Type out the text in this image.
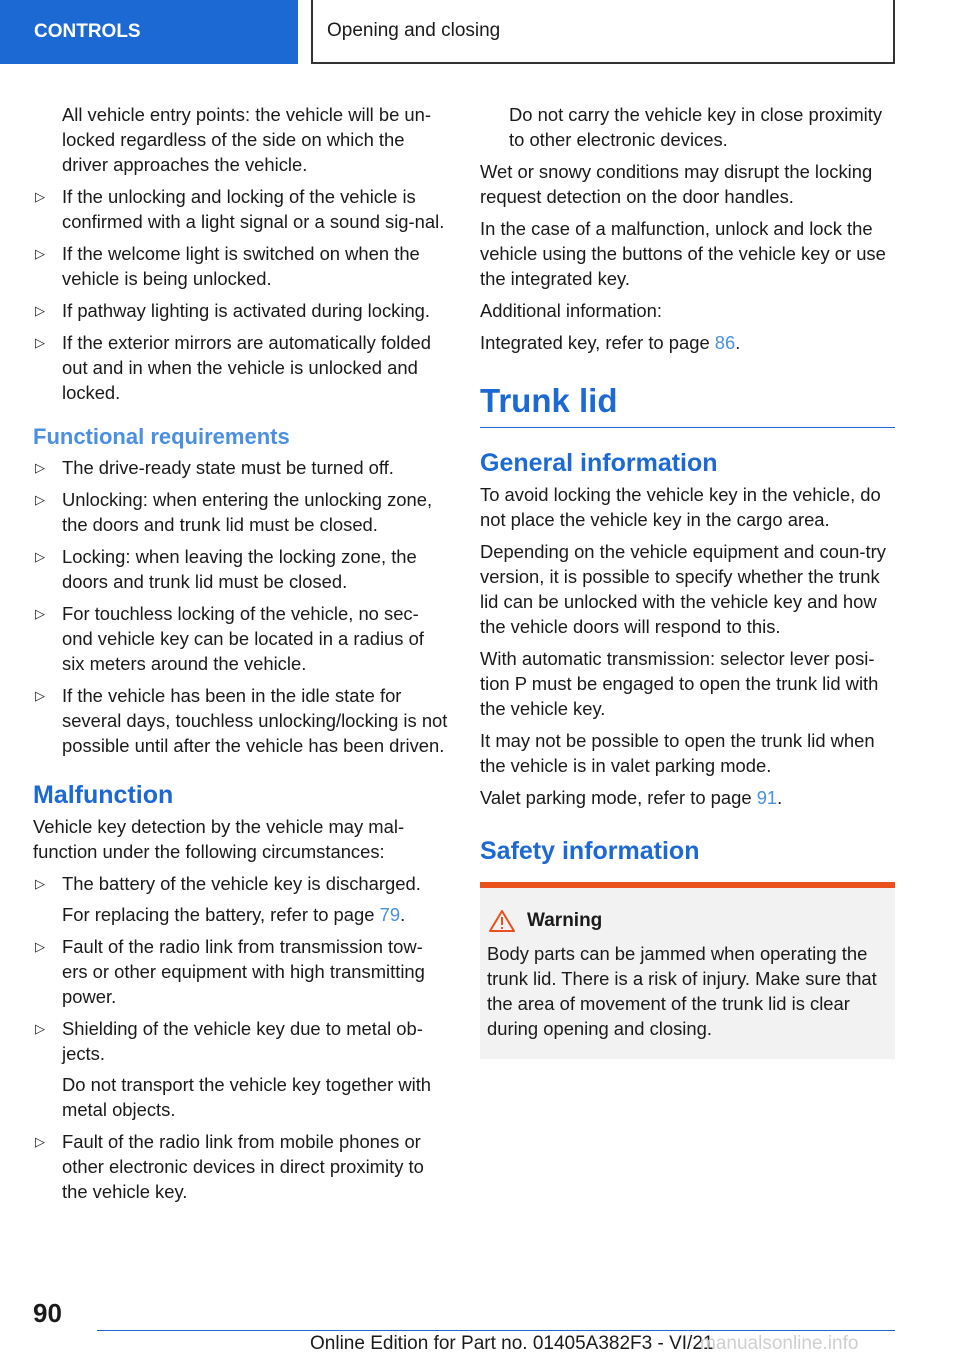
CONTROLS	Opening and closing

All vehicle entry points: the vehicle will be un‐locked regardless of the side on which the driver approaches the vehicle.

▷ If the unlocking and locking of the vehicle is confirmed with a light signal or a sound sig‐nal.
▷ If the welcome light is switched on when the vehicle is being unlocked.
▷ If pathway lighting is activated during locking.
▷ If the exterior mirrors are automatically folded out and in when the vehicle is unlocked and locked.
Functional requirements
▷ The drive-ready state must be turned off.
▷ Unlocking: when entering the unlocking zone, the doors and trunk lid must be closed.
▷ Locking: when leaving the locking zone, the doors and trunk lid must be closed.
▷ For touchless locking of the vehicle, no sec‐ond vehicle key can be located in a radius of six meters around the vehicle.
▷ If the vehicle has been in the idle state for several days, touchless unlocking/locking is not possible until after the vehicle has been driven.
Malfunction

Vehicle key detection by the vehicle may mal‐function under the following circumstances:

▷ The battery of the vehicle key is discharged.

For replacing the battery, refer to page 79.

▷ Fault of the radio link from transmission tow‐ers or other equipment with high transmitting power.
▷ Shielding of the vehicle key due to metal ob‐jects.

Do not transport the vehicle key together with metal objects.

▷ Fault of the radio link from mobile phones or other electronic devices in direct proximity to the vehicle key.

Do not carry the vehicle key in close proximity to other electronic devices.

Wet or snowy conditions may disrupt the locking request detection on the door handles.

In the case of a malfunction, unlock and lock the vehicle using the buttons of the vehicle key or use the integrated key.

Additional information:

Integrated key, refer to page 86.

Trunk lid
General information

To avoid locking the vehicle key in the vehicle, do not place the vehicle key in the cargo area.

Depending on the vehicle equipment and coun‐try version, it is possible to specify whether the trunk lid can be unlocked with the vehicle key and how the vehicle doors will respond to this.

With automatic transmission: selector lever posi‐tion P must be engaged to open the trunk lid with the vehicle key.

It may not be possible to open the trunk lid when the vehicle is in valet parking mode.

Valet parking mode, refer to page 91.

Safety information
Warning
Body parts can be jammed when operating the trunk lid. There is a risk of injury. Make sure that the area of movement of the trunk lid is clear during opening and closing.
90
Online Edition for Part no. 01405A382F3 - VI/21
manualsonline.info
